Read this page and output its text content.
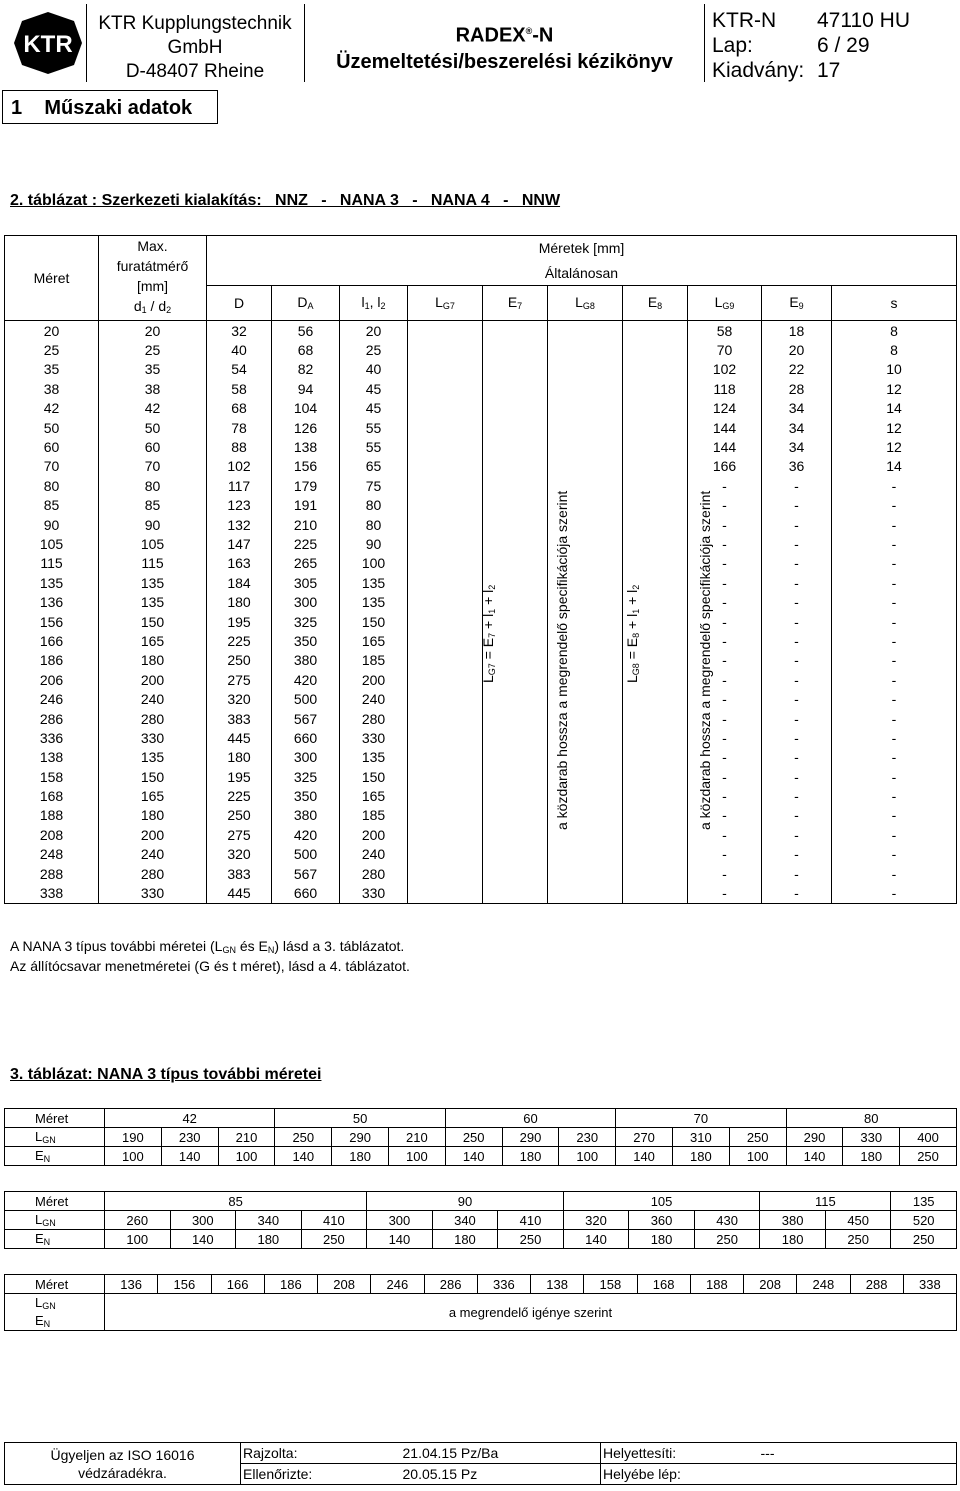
KTR
KTR Kupplungstechnik
GmbH
D-48407 Rheine
RADEX®-N
Üzemeltetési/beszerelési kézikönyv
KTR-N	47110 HU
Lap:	6 / 29
Kiadvány: 17
1 Műszaki adatok
2. táblázat : Szerkezeti kialakítás:   NNZ   -   NANA 3   -   NANA 4   -   NNW
Méret	Max.
furatátmérő
[mm]
$d_1 / d_2$	Méretek [mm]									
		Általánosan									
		D	$D_A$	$l_1$, $l_2$	$L_{G7}$	$E_7$	$L_{G8}$	$E_8$	$L_{G9}$	$E_9$	s
20	20	32	56	20					58	18	8
25	25	40	68	25					70	20	8
35	35	54	82	40					102	22	10
38	38	58	94	45					118	28	12
42	42	68	104	45					124	34	14
50	50	78	126	55					144	34	12
60	60	88	138	55					144	34	12
70	70	102	156	65					166	36	14
80	80	117	179	75					-	-	-
85	85	123	191	80					-	-	-
90	90	132	210	80					-	-	-
105	105	147	225	90					-	-	-
115	115	163	265	100					-	-	-
135	135	184	305	135					-	-	-
136	135	180	300	135					-	-	-
156	150	195	325	150					-	-	-
166	165	225	350	165					-	-	-
186	180	250	380	185					-	-	-
206	200	275	420	200					-	-	-
246	240	320	500	240					-	-	-
286	280	383	567	280					-	-	-
336	330	445	660	330					-	-	-
138	135	180	300	135					-	-	-
158	150	195	325	150					-	-	-
168	165	225	350	165					-	-	-
188	180	250	380	185					-	-	-
208	200	275	420	200					-	-	-
248	240	320	500	240					-	-	-
288	280	383	567	280					-	-	-
338	330	445	660	330					-	-	-
$L_{G7} = E_7 + l_1 + l_2$	a közdarab hossza a megrendelő specifikációja szerint	$L_{G8} = E_8 + l_1 + l_2$	a közdarab hossza a megrendelő specifikációja szerint
A NANA 3 típus további méretei ($L_{GN}$ és $E_N$) lásd a 3. táblázatot.
Az állítócsavar menetméretei (G és t méret), lásd a 4. táblázatot.
3. táblázat: NANA 3 típus további méretei
Méret	42			50			60			70			80		
$L_{GN}$	190	230	210	250	290	210	250	290	230	270	310	250	290	330	400
$E_N$	100	140	100	140	180	100	140	180	100	140	180	100	140	180	250
Méret	85				90			105			115		135
$L_{GN}$	260	300	340	410	300	340	410	320	360	430	380	450	520
$E_N$	100	140	180	250	140	180	250	140	180	250	180	250	250
Méret	136	156	166	186	208	246	286	336	138	158	168	188	208	248	288	338
$L_{GN}$	a megrendelő igénye szerint															
$E_N$
Ügyeljen az ISO 16016
védzáradékra.	Rajzolta:	21.04.15 Pz/Ba	Helyettesíti:	---
	Ellenőrizte:	20.05.15 Pz	Helyébe lép:	
